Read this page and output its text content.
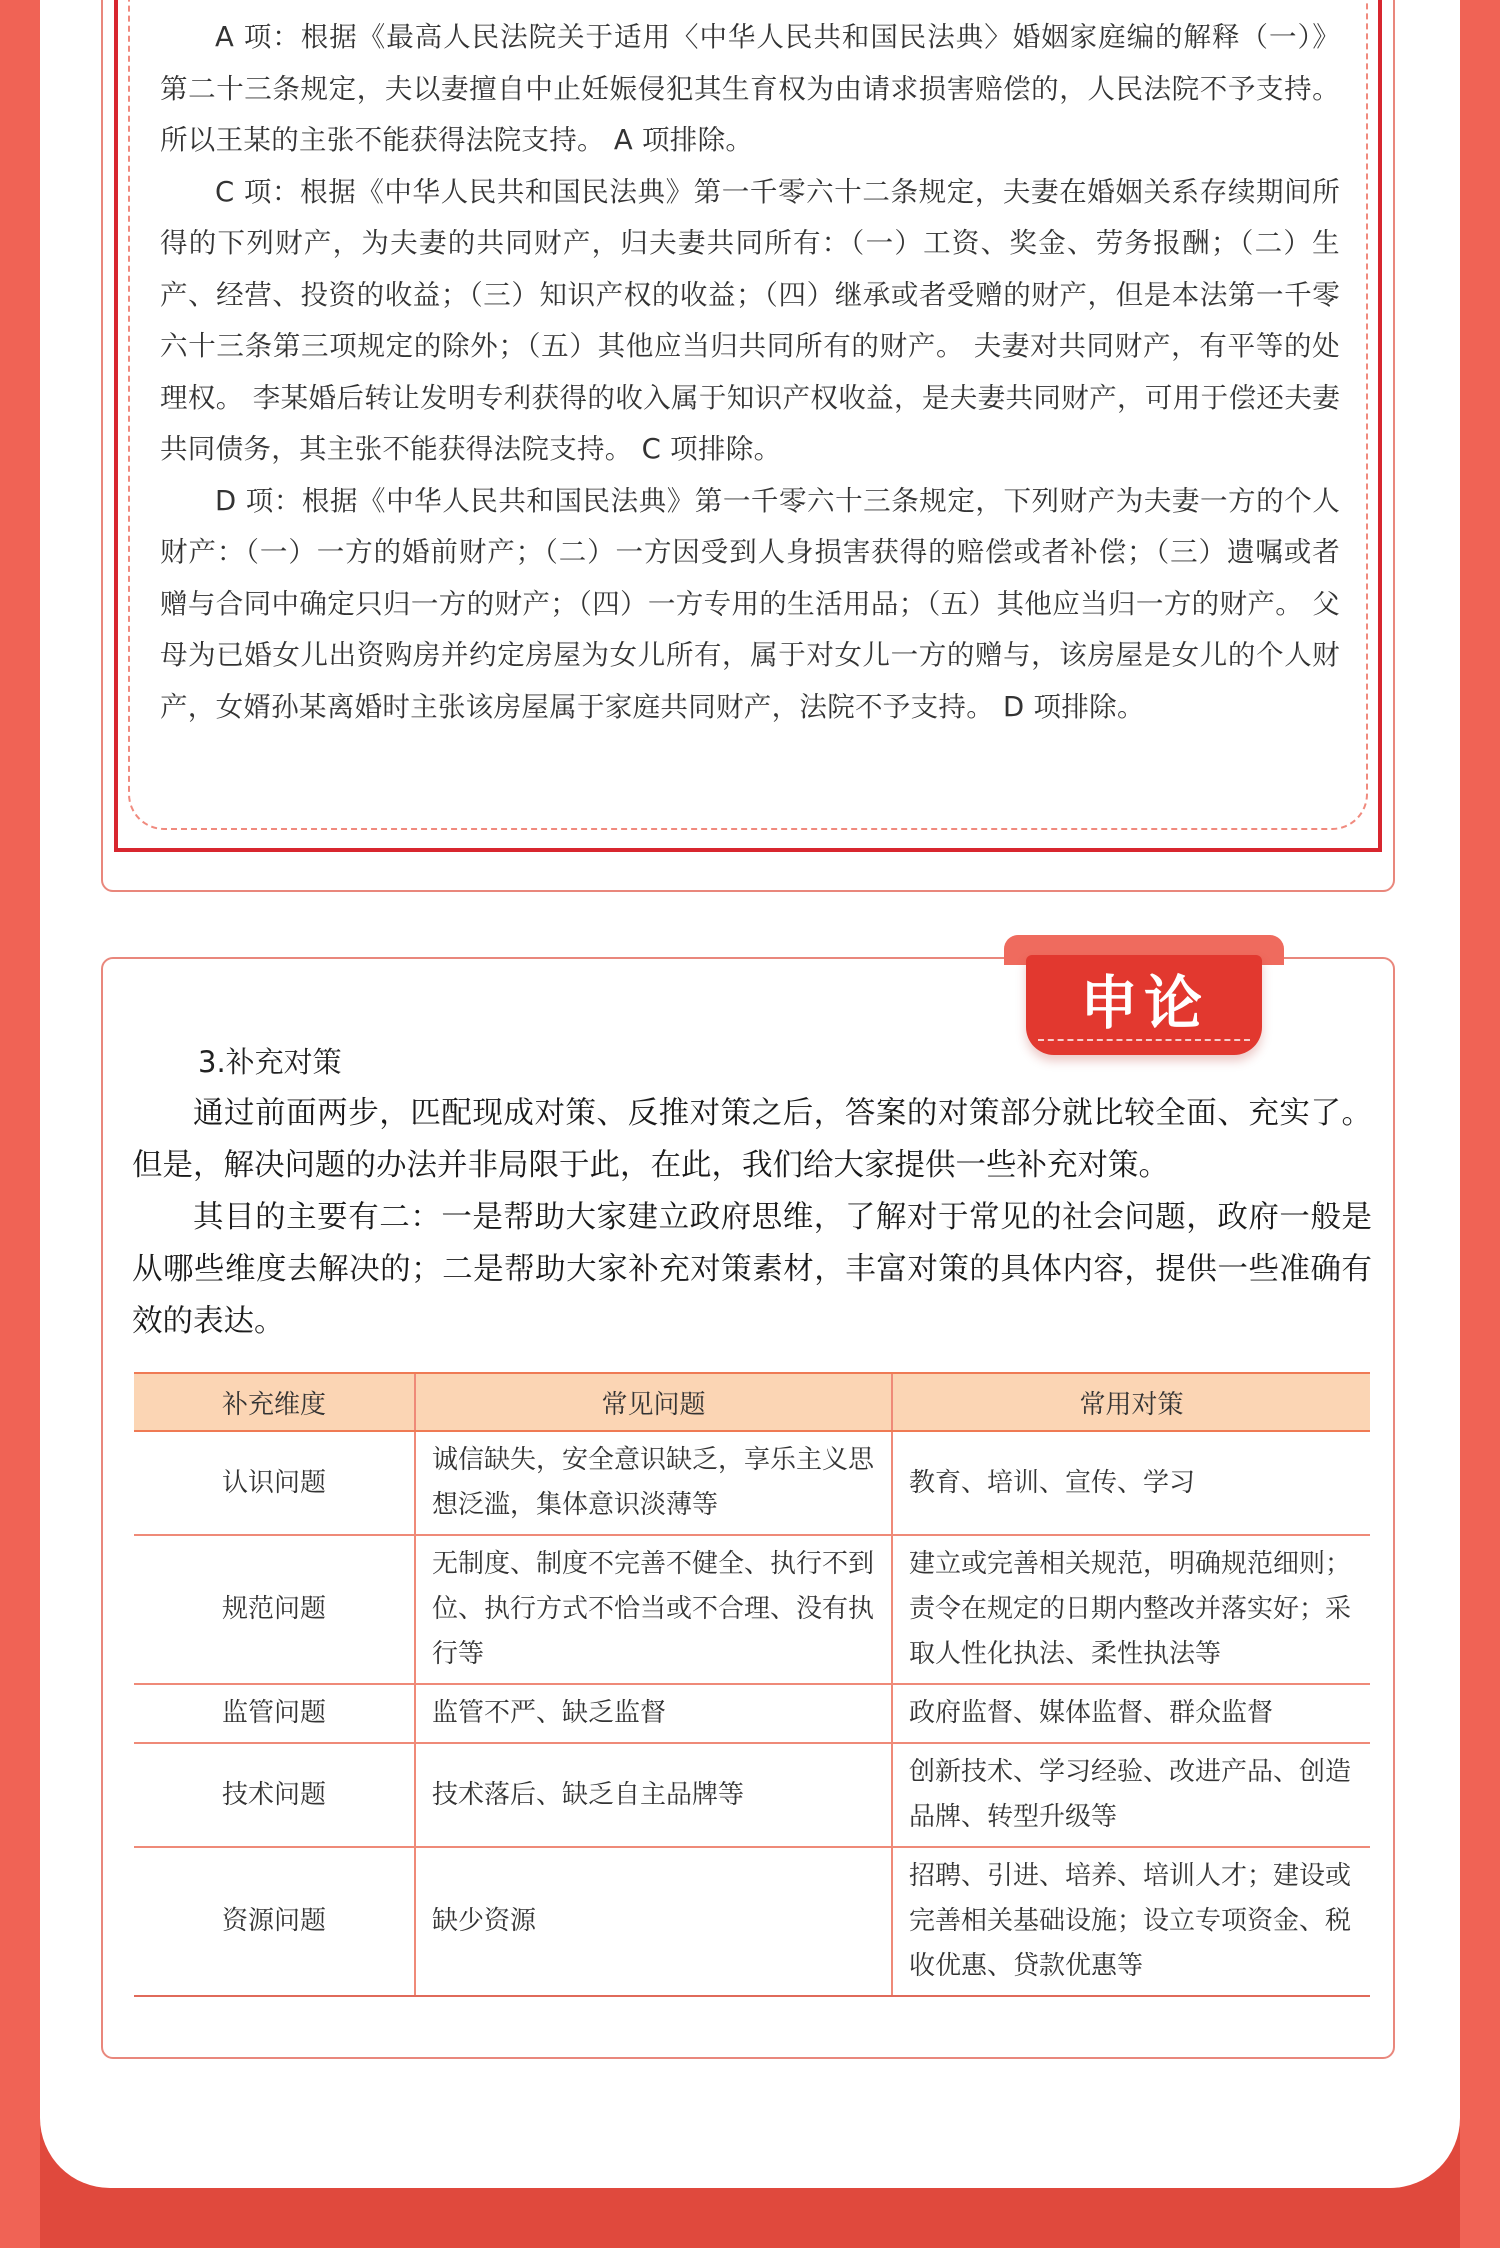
A 项：根据《最高人民法院关于适用〈中华人民共和国民法典〉婚姻家庭编的解释（一）》第二十三条规定，夫以妻擅自中止妊娠侵犯其生育权为由请求损害赔偿的，人民法院不予支持。 所以王某的主张不能获得法院支持。 A 项排除。

C 项：根据《中华人民共和国民法典》第一千零六十二条规定，夫妻在婚姻关系存续期间所得的下列财产，为夫妻的共同财产，归夫妻共同所有：（一）工资、奖金、劳务报酬；（二）生产、经营、投资的收益；（三）知识产权的收益；（四）继承或者受赠的财产，但是本法第一千零六十三条第三项规定的除外；（五）其他应当归共同所有的财产。 夫妻对共同财产，有平等的处理权。 李某婚后转让发明专利获得的收入属于知识产权收益，是夫妻共同财产，可用于偿还夫妻共同债务，其主张不能获得法院支持。 C 项排除。

D 项：根据《中华人民共和国民法典》第一千零六十三条规定，下列财产为夫妻一方的个人财产：（一）一方的婚前财产；（二）一方因受到人身损害获得的赔偿或者补偿；（三）遗嘱或者赠与合同中确定只归一方的财产；（四）一方专用的生活用品；（五）其他应当归一方的财产。 父母为已婚女儿出资购房并约定房屋为女儿所有，属于对女儿一方的赠与，该房屋是女儿的个人财产，女婿孙某离婚时主张该房屋属于家庭共同财产，法院不予支持。 D 项排除。

申论
3.补充对策

通过前面两步，匹配现成对策、反推对策之后，答案的对策部分就比较全面、充实了。但是，解决问题的办法并非局限于此，在此，我们给大家提供一些补充对策。

其目的主要有二：一是帮助大家建立政府思维，了解对于常见的社会问题，政府一般是从哪些维度去解决的；二是帮助大家补充对策素材，丰富对策的具体内容，提供一些准确有效的表达。

补充维度	常见问题	常用对策
认识问题	诚信缺失，安全意识缺乏，享乐主义思想泛滥，集体意识淡薄等	教育、培训、宣传、学习
规范问题	无制度、制度不完善不健全、执行不到位、执行方式不恰当或不合理、没有执行等	建立或完善相关规范，明确规范细则；责令在规定的日期内整改并落实好；采取人性化执法、柔性执法等
监管问题	监管不严、缺乏监督	政府监督、媒体监督、群众监督
技术问题	技术落后、缺乏自主品牌等	创新技术、学习经验、改进产品、创造品牌、转型升级等
资源问题	缺少资源	招聘、引进、培养、培训人才；建设或完善相关基础设施；设立专项资金、税收优惠、贷款优惠等
